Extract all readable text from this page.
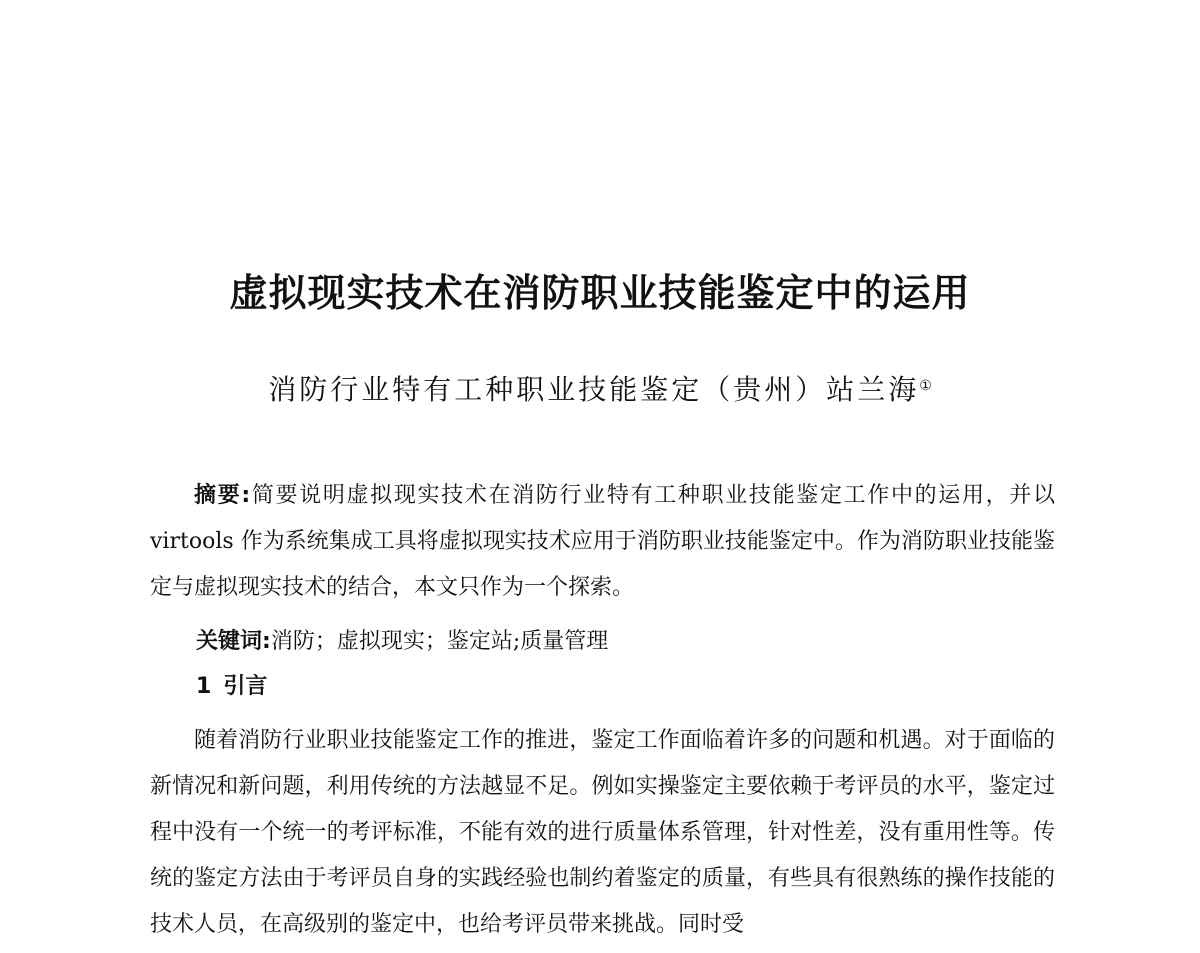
虚拟现实技术在消防职业技能鉴定中的运用
消防行业特有工种职业技能鉴定（贵州）站兰海①

摘要:简要说明虚拟现实技术在消防行业特有工种职业技能鉴定工作中的运用，并以 virtools 作为系统集成工具将虚拟现实技术应用于消防职业技能鉴定中。作为消防职业技能鉴定与虚拟现实技术的结合，本文只作为一个探索。

关键词:消防；虚拟现实；鉴定站;质量管理
1 引言

随着消防行业职业技能鉴定工作的推进，鉴定工作面临着许多的问题和机遇。对于面临的新情况和新问题，利用传统的方法越显不足。例如实操鉴定主要依赖于考评员的水平，鉴定过程中没有一个统一的考评标准，不能有效的进行质量体系管理，针对性差，没有重用性等。传统的鉴定方法由于考评员自身的实践经验也制约着鉴定的质量，有些具有很熟练的操作技能的技术人员，在高级别的鉴定中，也给考评员带来挑战。同时受
